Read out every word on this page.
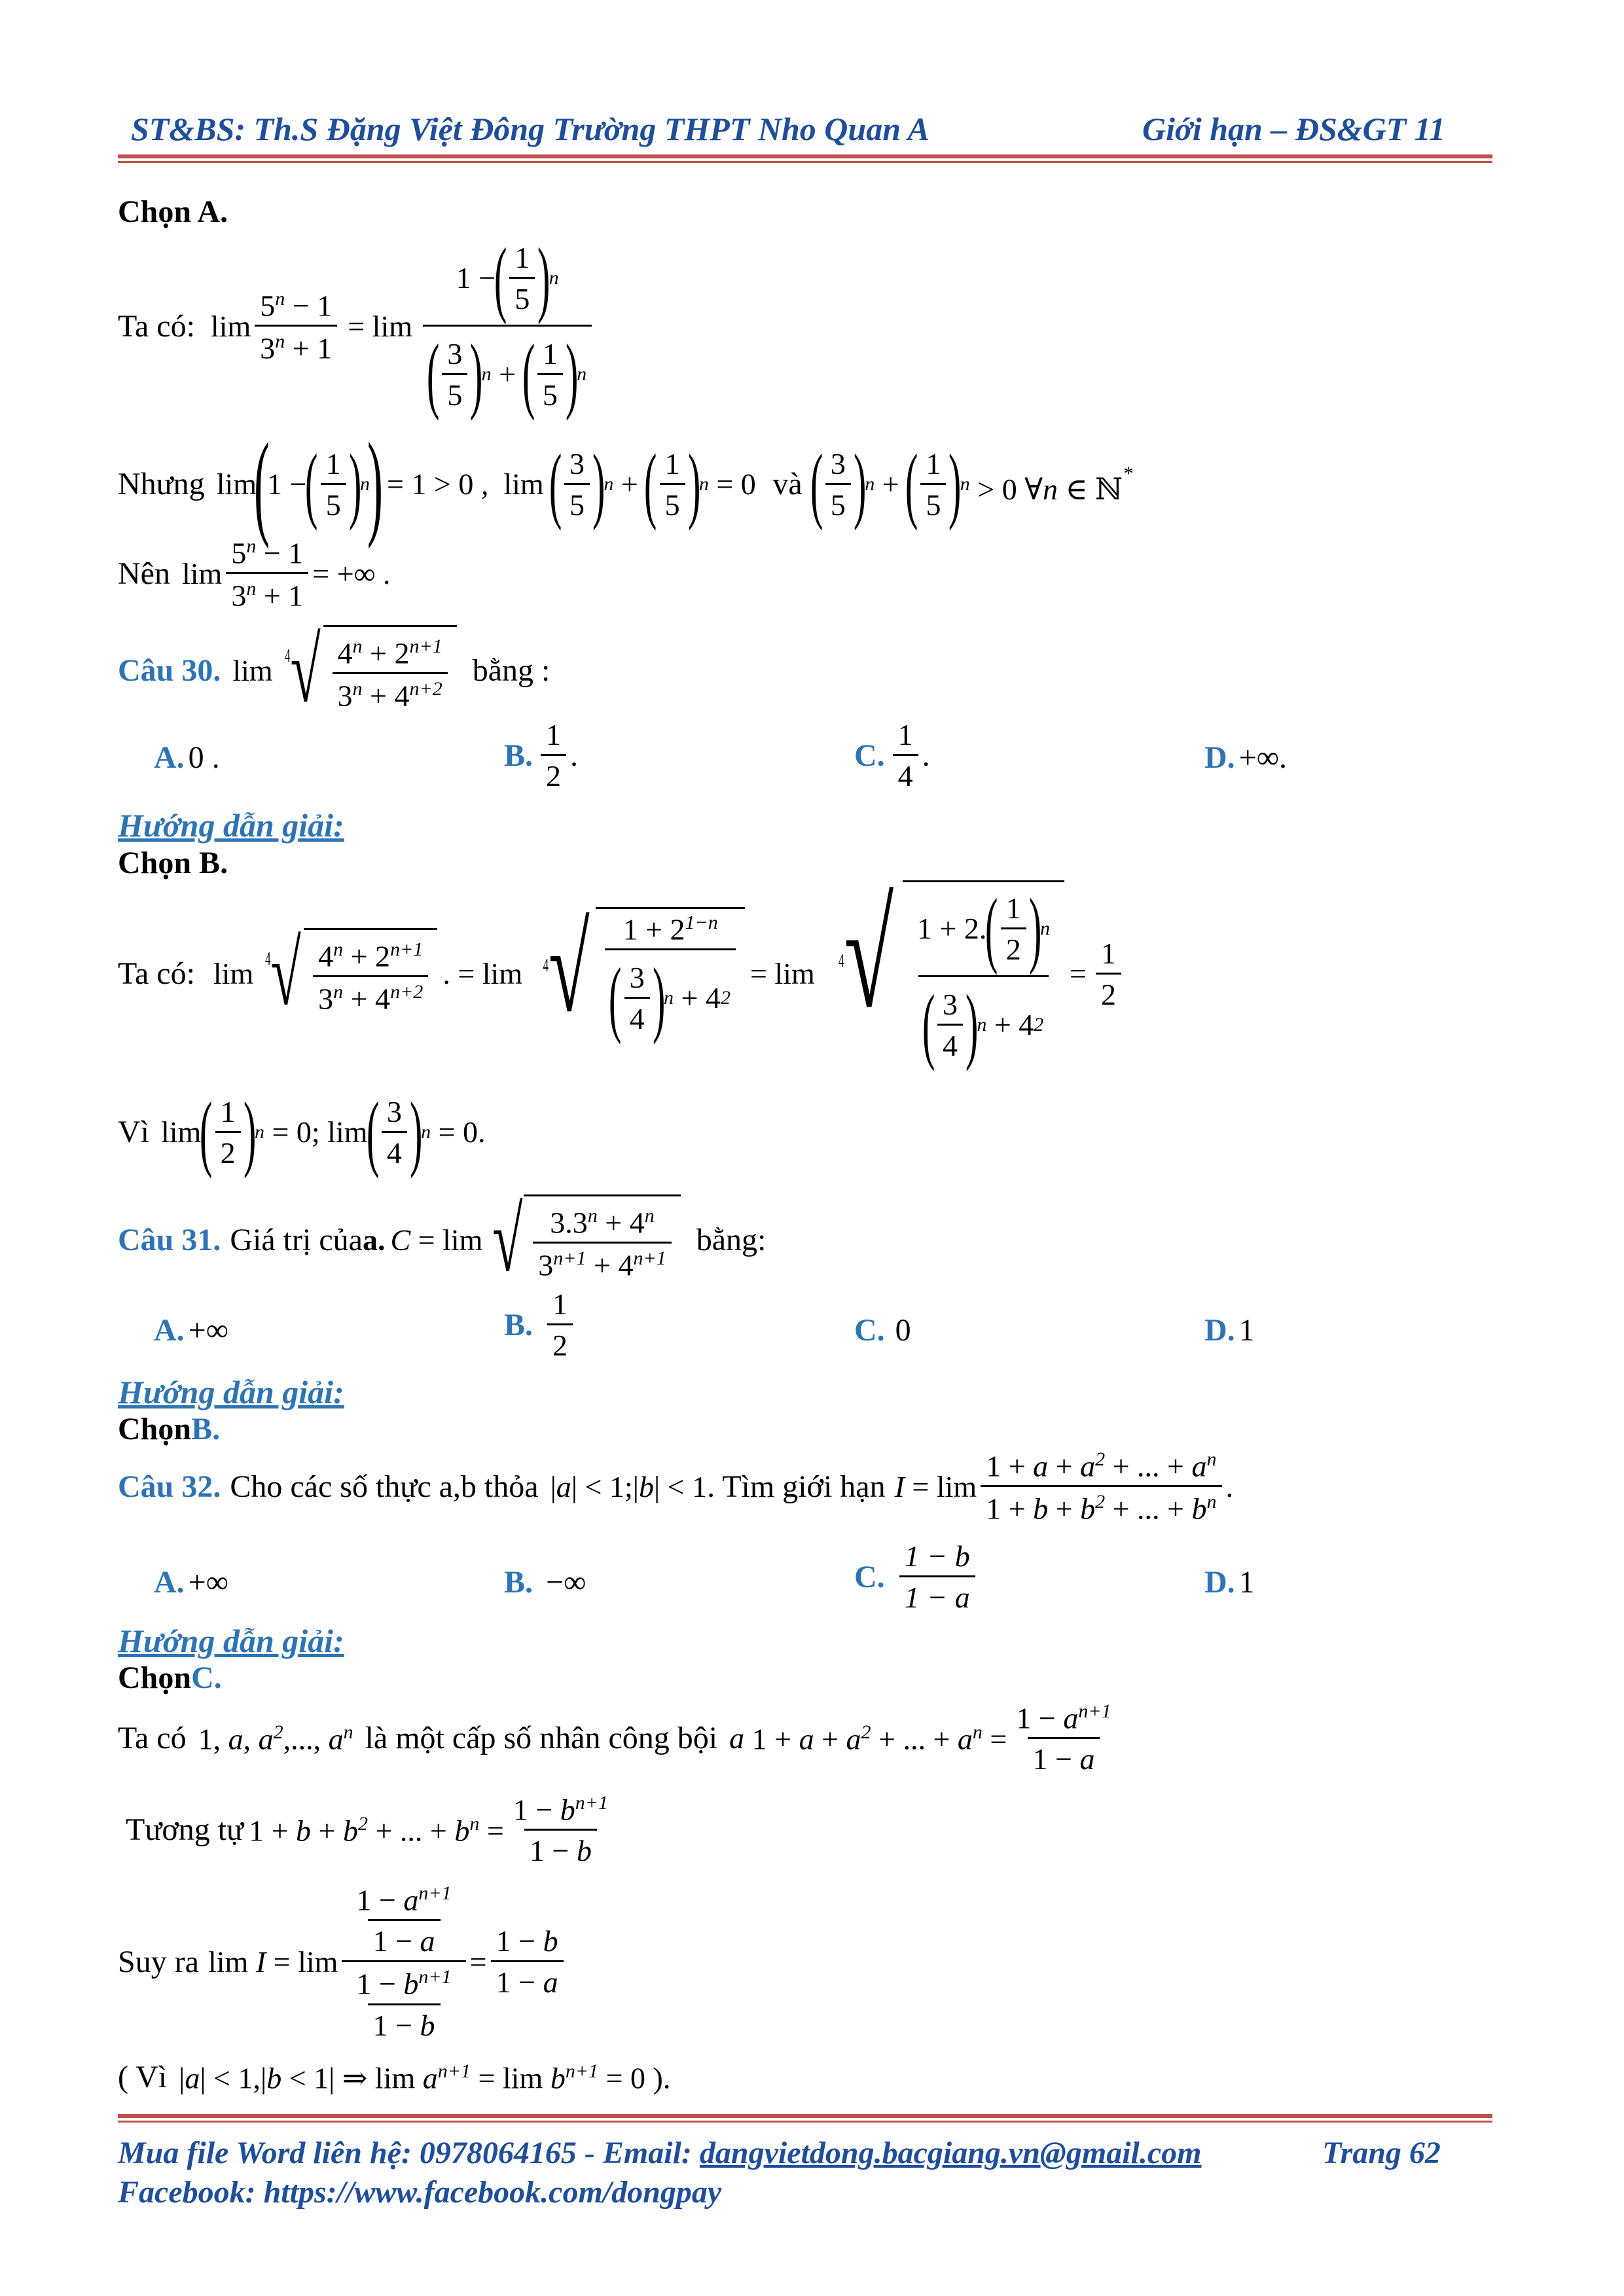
ST&BS: Th.S Đặng Việt Đông Trường THPT Nho Quan A	Giới hạn – ĐS&GT 11
Chọn A.
Ta có: $\lim \frac{5^n - 1}{3^n + 1} = \lim 1$ −
( $\frac{1}{5}$ )
n
( $\frac{3}{5}$ )
n +
( $\frac{1}{5}$ )
n
Nhưng lim
(
1 −
( $\frac{1}{5}$ )
n
) = 1 > 0 ,  lim ( $\frac{3}{5}$ )
n +
( $\frac{1}{5}$ )
n = 0 và ( $\frac{3}{5}$ )
n +
( $\frac{1}{5}$ )
n > 0 ∀n ∈ ℕ*
Nên $\lim \frac{5^n - 1}{3^n + 1}$ = +∞ .
Câu 30. $\lim ^4√ \frac{4^n + 2^{n+1}}{3^n + 4^{n+2}}$ bằng :
A. 0 .	B. $\frac{1}{2}$ .	C. $\frac{1}{4}$ .	D. +∞.
Hướng dẫn giải:
Chọn B.
Ta có: $\lim ^4√ \frac{4^n + 2^{n+1}}{3^n + 4^{n+2}}$ . = lim $^4$√ $1 + 2^{1-n}$
( $\frac{3}{4}$ )
n + 4 2 = lim $^4$√ 1 + 2.
( $\frac{1}{2}$ )
n
( $\frac{3}{4}$ )
n + 4 $2 = \frac{1}{2}$
Vì lim
( $\frac{1}{2}$ )
n = 0; lim
( $\frac{3}{4}$ )
n = 0.
Câu 31. Giá trị của a. C = lim √ $\frac{3.3^n + 4^n}{3^{n+1} + 4^{n+1}}$ bằng:
A. +∞	B. $\frac{1}{2}$	C. 0	D. 1
Hướng dẫn giải:
ChọnB.
Câu 32. Cho các số thực a,b thỏa |a| < 1;|b| < 1 . Tìm giới hạn $I = \lim \frac{1 + a + a^2 + ... + a^n}{1 + b + b^2 + ... + b^n}$ .
A. +∞	B. −∞	C. $\frac{1 - b}{1 - a}$	D. 1
Hướng dẫn giải:
ChọnC.
Ta có 1, a, $a^2$,..., $a^n$ là một cấp số nhân công bội a $1 + a + a^2$ + ... + $a^n = \frac{1 - a^{n+1}}{1 - a}$
Tương tự $1 + b + b^2$ + ... + $b^n = \frac{1 - b^{n+1}}{1 - b}$
Suy ra $\lim I = \lim \frac{\frac{1 - a^{n+1}}{1 - a}}{\frac{1 - b^{n+1}}{1 - b}} = \frac{1 - b}{1 - a}$
( Vì |a| < 1,|b < 1| ⇒ $\lim a^{n+1} = \lim b^{n+1} = 0$ ).
Mua file Word liên hệ: 0978064165 - Email: dangvietdong.bacgiang.vn@gmail.com	Trang 62
Facebook: https://www.facebook.com/dongpay
